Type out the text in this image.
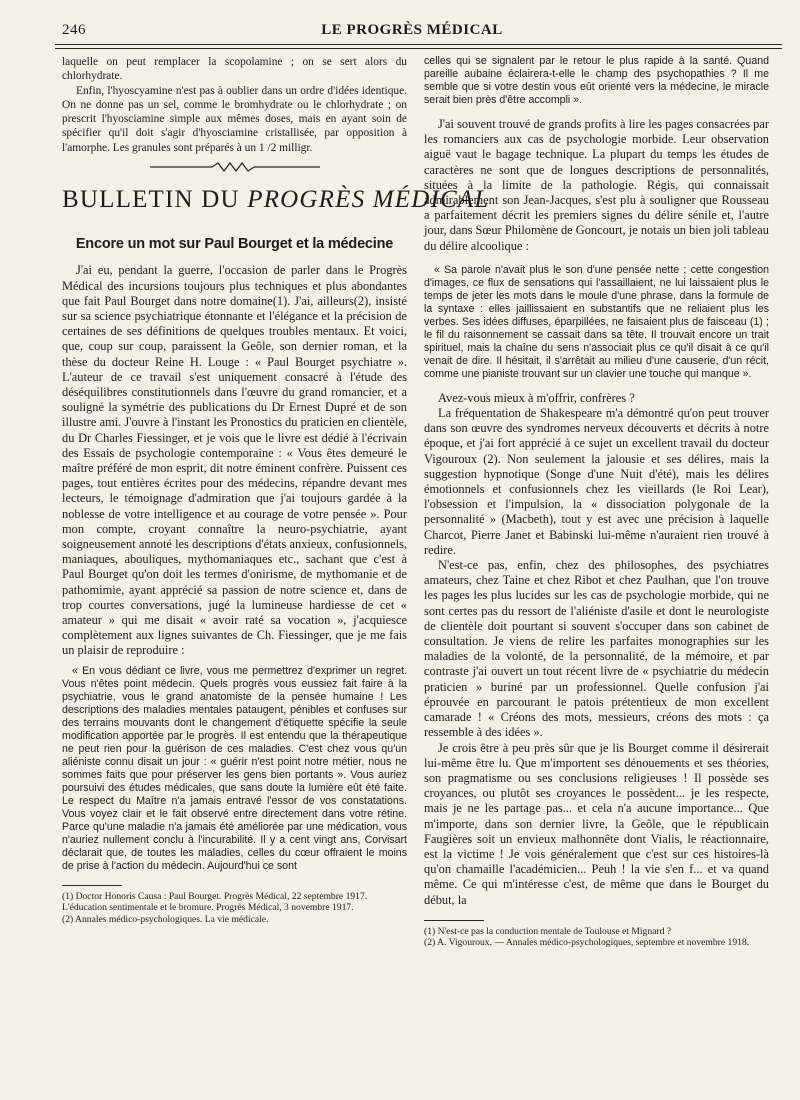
246	LE PROGRÈS MÉDICAL

laquelle on peut remplacer la scopolamine ; on se sert alors du chlorhydrate.

Enfin, l'hyoscyamine n'est pas à oublier dans un ordre d'idées identique. On ne donne pas un sel, comme le bromhydrate ou le chlorhydrate ; on prescrit l'hyosciamine simple aux mêmes doses, mais en ayant soin de spécifier qu'il doit s'agir d'hyosciamine cristallisée, par opposition à l'amorphe. Les granules sont préparés à un 1 /2 milligr.

BULLETIN DU PROGRÈS MÉDICAL
Encore un mot sur Paul Bourget et la médecine

J'ai eu, pendant la guerre, l'occasion de parler dans le Progrès Médical des incursions toujours plus techniques et plus abondantes que fait Paul Bourget dans notre domaine(1). J'ai, ailleurs(2), insisté sur sa science psychiatrique étonnante et l'élégance et la précision de certaines de ses définitions de quelques troubles mentaux. Et voici, que, coup sur coup, paraissent la Geôle, son dernier roman, et la thèse du docteur Reine H. Louge : « Paul Bourget psychiatre ». L'auteur de ce travail s'est uniquement consacré à l'étude des déséquilibres constitutionnels dans l'œuvre du grand romancier, et a souligné la symétrie des publications du Dr Ernest Dupré et de son illustre ami. J'ouvre à l'instant les Pronostics du praticien en clientèle, du Dr Charles Fiessinger, et je vois que le livre est dédié à l'écrivain des Essais de psychologie contemporaine : « Vous êtes demeuré le maître préféré de mon esprit, dit notre éminent confrère. Puissent ces pages, tout entières écrites pour des médecins, répandre devant mes lecteurs, le témoignage d'admiration que j'ai toujours gardée à la noblesse de votre intelligence et au courage de votre pensée ». Pour mon compte, croyant connaître la neuro-psychiatrie, ayant soigneusement annoté les descriptions d'états anxieux, confusionnels, maniaques, abouliques, mythomaniaques etc., sachant que c'est à Paul Bourget qu'on doit les termes d'onirisme, de mythomanie et de pathomimie, ayant apprécié sa passion de notre science et, dans de trop courtes conversations, jugé la lumineuse hardiesse de cet « amateur » qui me disait « avoir raté sa vocation », j'acquiesce complètement aux lignes suivantes de Ch. Fiessinger, que je me fais un plaisir de reproduire :

« En vous dédiant ce livre, vous me permettrez d'exprimer un regret. Vous n'êtes point médecin. Quels progrès vous eussiez fait faire à la psychiatrie, vous le grand anatomiste de la pensée humaine ! Les descriptions des maladies mentales pataugent, pénibles et confuses sur des terrains mouvants dont le changement d'étiquette spécifie la seule modification apportée par le progrès. Il est entendu que la thérapeutique ne peut rien pour la guérison de ces maladies. C'est chez vous qu'un aliéniste connu disait un jour : « guérir n'est point notre métier, nous ne sommes faits que pour préserver les gens bien portants ». Vous auriez poursuivi des études médicales, que sans doute la lumière eût été faite. Le respect du Maître n'a jamais entravé l'essor de vos constatations. Vous voyez clair et le fait observé entre directement dans votre rétine. Parce qu'une maladie n'a jamais été améliorée par une médication, vous n'auriez nullement conclu à l'incurabilité. Il y a cent vingt ans, Corvisart déclarait que, de toutes les maladies, celles du cœur offraient le moins de prise à l'action du médecin. Aujourd'hui ce sont

(1) Doctor Honoris Causa : Paul Bourget. Progrès Médical, 22 septembre 1917. L'éducation sentimentale et le bromure. Progrès Médical, 3 novembre 1917.

(2) Annales médico-psychologiques. La vie médicale.

celles qui se signalent par le retour le plus rapide à la santé. Quand pareille aubaine éclairera-t-elle le champ des psychopathies ? Il me semble que si votre destin vous eût orienté vers la médecine, le miracle serait bien près d'être accompli ».

J'ai souvent trouvé de grands profits à lire les pages consacrées par les romanciers aux cas de psychologie morbide. Leur observation aiguë vaut le bagage technique. La plupart du temps les études de caractères ne sont que de longues descriptions de personnalités, situées à la limite de la pathologie. Régis, qui connaissait admirablement son Jean-Jacques, s'est plu à souligner que Rousseau a parfaitement décrit les premiers signes du délire sénile et, l'autre jour, dans Sœur Philomène de Goncourt, je notais un bien joli tableau du délire alcoolique :

« Sa parole n'avait plus le son d'une pensée nette ; cette congestion d'images, ce flux de sensations qui l'assaillaient, ne lui laissaient plus le temps de jeter les mots dans le moule d'une phrase, dans la formule de la syntaxe : elles jaillissaient en substantifs que ne reliaient plus les verbes. Ses idées diffuses, éparpillées, ne faisaient plus de faisceau (1) ; le fil du raisonnement se cassait dans sa tête. Il trouvait encore un trait spirituel, mais la chaîne du sens n'associait plus ce qu'il disait à ce qu'il venait de dire. Il hésitait, il s'arrêtait au milieu d'une causerie, d'un récit, comme une pianiste trouvant sur un clavier une touche qui manque ».

Avez-vous mieux à m'offrir, confrères ?

La fréquentation de Shakespeare m'a démontré qu'on peut trouver dans son œuvre des syndromes nerveux découverts et décrits à notre époque, et j'ai fort apprécié à ce sujet un excellent travail du docteur Vigouroux (2). Non seulement la jalousie et ses délires, mais la suggestion hypnotique (Songe d'une Nuit d'été), mais les délires émotionnels et confusionnels chez les vieillards (le Roi Lear), l'obsession et l'impulsion, la « dissociation polygonale de la personnalité » (Macbeth), tout y est avec une précision à laquelle Charcot, Pierre Janet et Babinski lui-même n'auraient rien trouvé à redire.

N'est-ce pas, enfin, chez des philosophes, des psychiatres amateurs, chez Taine et chez Ribot et chez Paulhan, que l'on trouve les pages les plus lucides sur les cas de psychologie morbide, qui ne sont certes pas du ressort de l'aliéniste d'asile et dont le neurologiste de clientèle doit pourtant si souvent s'occuper dans son cabinet de consultation. Je viens de relire les parfaites monographies sur les maladies de la volonté, de la personnalité, de la mémoire, et par contraste j'ai ouvert un tout récent livre de « psychiatrie du médecin praticien » buriné par un professionnel. Quelle confusion j'ai éprouvée en parcourant le patois prétentieux de mon excellent camarade ! « Créons des mots, messieurs, créons des mots : ça ressemble à des idées ».

Je crois être à peu près sûr que je lis Bourget comme il désirerait lui-même être lu. Que m'importent ses dénouements et ses théories, son pragmatisme ou ses conclusions religieuses ! Il possède ses croyances, ou plutôt ses croyances le possèdent... je les respecte, mais je ne les partage pas... et cela n'a aucune importance... Que m'importe, dans son dernier livre, la Geôle, que le républicain Faugières soit un envieux malhonnête dont Vialis, le réactionnaire, est la victime ! Je vois généralement que c'est sur ces histoires-là qu'on chamaille l'académicien... Peuh ! la vie s'en f... et va quand même. Ce qui m'intéresse c'est, de même que dans le Bourget du début, la

(1) N'est-ce pas la conduction mentale de Toulouse et Mignard ?

(2) A. Vigouroux. — Annales médico-psychologiques, septembre et novembre 1918.
